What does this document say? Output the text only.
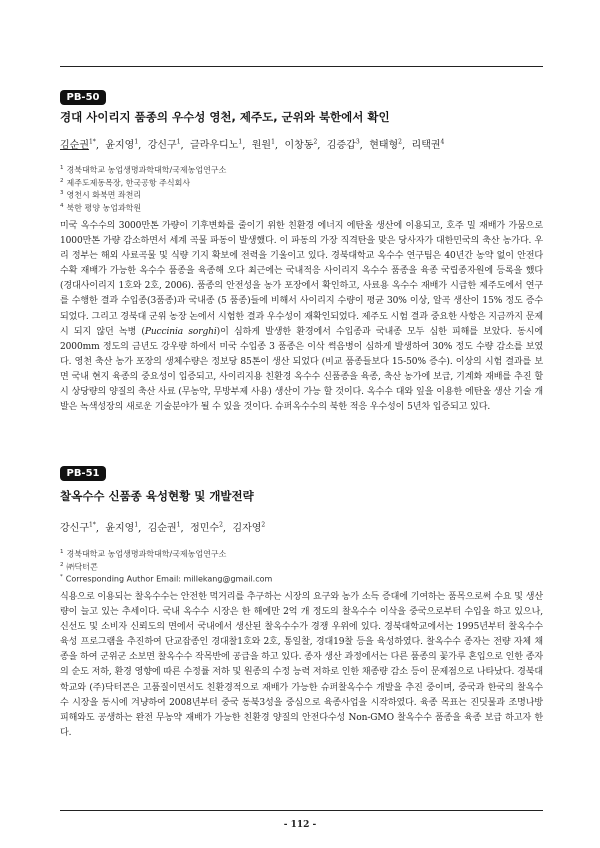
PB-50
경대 사이리지 품종의 우수성 영천, 제주도, 군위와 북한에서 확인
김순권$^{1*}$,  윤지영$^1$,  강신구$^1$,  글라우디노$^1$,  원원$^1$,  이창동$^2$,  김증갑$^3$,  현태형$^2$,  리택권$^4$
$^1$ 경북대학교 농업생명과학대학/국제농업연구소
$^2$ 제주도제동목장, 한국공항 주식회사
$^3$ 영천시 화북면 좌천리
$^4$ 북한 평양 농업과학원

미국 옥수수의 3000만톤 가량이 기후변화를 줄이기 위한 친환경 에너지 에탄올 생산에 이용되고, 호주 밀 재배가 가뭄으로 1000만톤 가량 감소하면서 세계 곡물 파동이 발생했다. 이 파동의 가장 직격탄을 맞은 당사자가 대한민국의 축산 농가다. 우리 정부는 해외 사료곡물 및 식량 기지 확보에 전력을 기울이고 있다. 경북대학교 옥수수 연구팀은 40년간 농약 없이 안전다수확 재배가 가능한 옥수수 품종을 육종해 오다 최근에는 국내적응 사이리지 옥수수 품종을 육종 국립종자원에 등록을 했다(경대사이리지 1호와 2호, 2006). 품종의 안전성을 농가 포장에서 확인하고, 사료용 옥수수 재배가 시급한 제주도에서 연구를 수행한 결과 수입종(3품종)과 국내종 (5 품종)들에 비해서 사이리지 수량이 평균 30% 이상, 알곡 생산이 15% 정도 증수되었다. 그리고 경북대 군위 농장 논에서 시험한 결과 우수성이 재확인되었다. 제주도 시험 결과 중요한 사항은 지금까지 문제시 되지 않던 녹병 (Puccinia sorghi)이 심하게 발생한 환경에서 수입종과 국내종 모두 심한 피해를 보았다. 동시에 2000mm 정도의 금년도 강우량 하에서 미국 수입종 3 품종은 이삭 썩음병이 심하게 발생하여 30% 정도 수량 감소를 보였다. 영천 축산 농가 포장의 생체수량은 정보당 85톤이 생산 되었다 (비교 품종들보다 15-50% 증수). 이상의 시험 결과를 보면 국내 현지 육종의 중요성이 입증되고, 사이리지용 친환경 옥수수 신품종을 육종, 축산 농가에 보급, 기계화 재배를 추진 할 시 상당량의 양질의 축산 사료 (무농약, 무방부제 사용) 생산이 가능 할 것이다. 옥수수 대와 잎을 이용한 에탄올 생산 기술 개발은 녹색성장의 새로운 기술분야가 될 수 있을 것이다. 슈퍼옥수수의 북한 적응 우수성이 5년차 입증되고 있다.

PB-51
찰옥수수 신품종 육성현황 및 개발전략
강신구$^{1*}$,  윤지영$^1$,  김순권$^1$,  정민수$^2$,  김자영$^2$
$^1$ 경북대학교 농업생명과학대학/국제농업연구소
$^2$ ㈜닥터콘
* Corresponding Author Email: millekang@gmail.com

식용으로 이용되는 찰옥수수는 안전한 먹거리를 추구하는 시장의 요구와 농가 소득 증대에 기여하는 품목으로써 수요 및 생산량이 늘고 있는 추세이다. 국내 옥수수 시장은 한 해에만 2억 개 정도의 찰옥수수 이삭을 중국으로부터 수입을 하고 있으나, 신선도 및 소비자 신뢰도의 면에서 국내에서 생산된 찰옥수수가 경쟁 우위에 있다. 경북대학교에서는 1995년부터 찰옥수수 육성 프로그램을 추진하여 단교잡종인 경대찰1호와 2호, 통일찰, 경대19찰 등을 육성하였다. 찰옥수수 종자는 전량 자체 채종을 하여 군위군 소보면 찰옥수수 작목반에 공급을 하고 있다. 종자 생산 과정에서는 다른 품종의 꽃가루 혼입으로 인한 종자의 순도 저하, 환경 영향에 따른 수정률 저하 및 원종의 수정 능력 저하로 인한 채종량 감소 등이 문제점으로 나타났다. 경북대학교와 (주)닥터콘은 고품질이면서도 친환경적으로 재배가 가능한 슈퍼찰옥수수 개발을 추진 중이며, 중국과 한국의 찰옥수수 시장을 동시에 겨냥하여 2008년부터 중국 동북3성을 중심으로 육종사업을 시작하였다. 육종 목표는 진딧물과 조명나방 피해와도 공생하는 완전 무농약 재배가 가능한 친환경 양질의 안전다수성 Non-GMO 찰옥수수 품종을 육종 보급 하고자 한다.

- 112 -
